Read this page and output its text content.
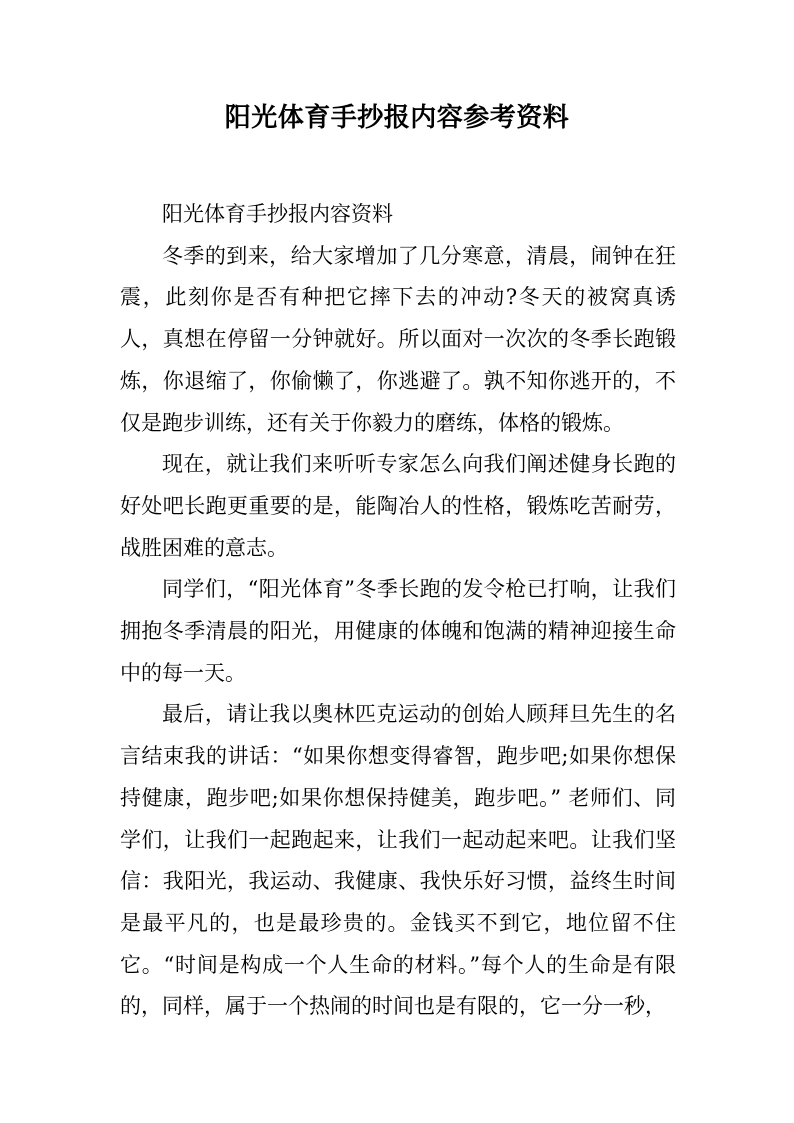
阳光体育手抄报内容参考资料

阳光体育手抄报内容资料

冬季的到来，给大家增加了几分寒意，清晨，闹钟在狂震，此刻你是否有种把它摔下去的冲动?冬天的被窝真诱人，真想在停留一分钟就好。所以面对一次次的冬季长跑锻炼，你退缩了，你偷懒了，你逃避了。孰不知你逃开的，不仅是跑步训练，还有关于你毅力的磨练，体格的锻炼。

现在，就让我们来听听专家怎么向我们阐述健身长跑的好处吧长跑更重要的是，能陶冶人的性格，锻炼吃苦耐劳，战胜困难的意志。

同学们，“阳光体育”冬季长跑的发令枪已打响，让我们拥抱冬季清晨的阳光，用健康的体魄和饱满的精神迎接生命中的每一天。

最后，请让我以奥林匹克运动的创始人顾拜旦先生的名言结束我的讲话：“如果你想变得睿智，跑步吧;如果你想保持健康，跑步吧;如果你想保持健美，跑步吧。” 老师们、同学们，让我们一起跑起来，让我们一起动起来吧。让我们坚信：我阳光，我运动、我健康、我快乐好习惯，益终生时间是最平凡的，也是最珍贵的。金钱买不到它，地位留不住它。“时间是构成一个人生命的材料。”每个人的生命是有限的，同样，属于一个热闹的时间也是有限的，它一分一秒，
